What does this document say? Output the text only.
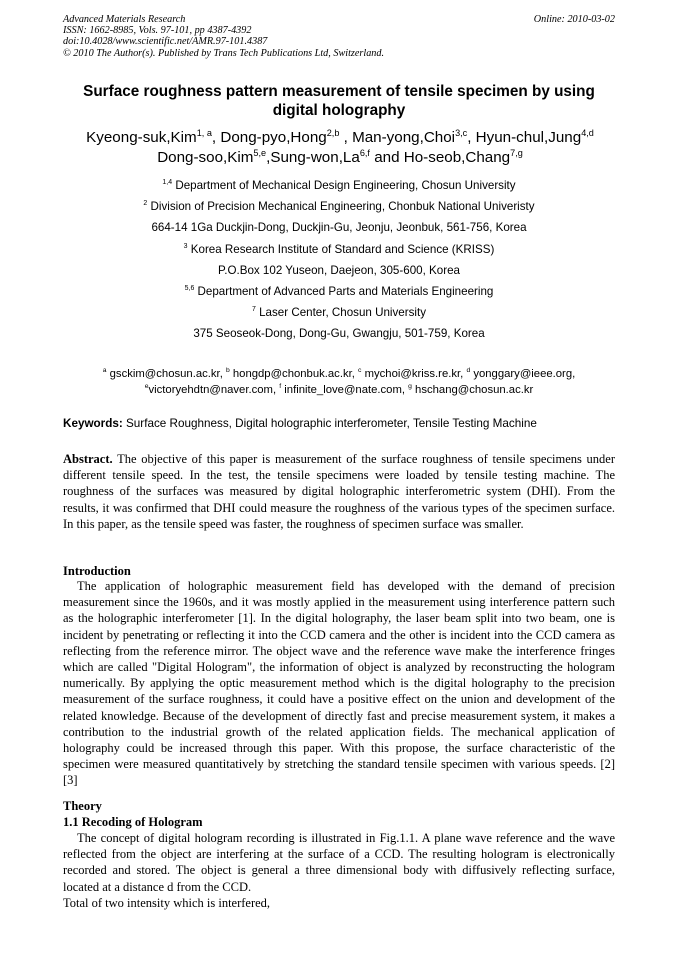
Advanced Materials Research
ISSN: 1662-8985, Vols. 97-101, pp 4387-4392
doi:10.4028/www.scientific.net/AMR.97-101.4387
© 2010 The Author(s). Published by Trans Tech Publications Ltd, Switzerland.
Online: 2010-03-02
Surface roughness pattern measurement of tensile specimen by using
digital holography
Kyeong-suk,Kim$^{1, a}$, Dong-pyo,Hong$^{2,b}$ , Man-yong,Choi$^{3,c}$, Hyun-chul,Jung$^{4,d}$
Dong-soo,Kim$^{5,e}$,Sung-won,La$^{6,f}$ and Ho-seob,Chang$^{7,g}$
$^{1,4}$ Department of Mechanical Design Engineering, Chosun University
$^2$ Division of Precision Mechanical Engineering, Chonbuk National Univeristy
664-14 1Ga Duckjin-Dong, Duckjin-Gu, Jeonju, Jeonbuk, 561-756, Korea
$^3$ Korea Research Institute of Standard and Science (KRISS)
P.O.Box 102 Yuseon, Daejeon, 305-600, Korea
$^{5,6}$ Department of Advanced Parts and Materials Engineering
$^7$ Laser Center, Chosun University
375 Seoseok-Dong, Dong-Gu, Gwangju, 501-759, Korea
$^a$ gsckim@chosun.ac.kr, $^b$ hongdp@chonbuk.ac.kr, $^c$ mychoi@kriss.re.kr, $^d$ yonggary@ieee.org,
$^e$victoryehdtn@naver.com, $^f$ infinite_love@nate.com, $^g$ hschang@chosun.ac.kr
Keywords: Surface Roughness, Digital holographic interferometer, Tensile Testing Machine
Abstract. The objective of this paper is measurement of the surface roughness of tensile specimens under different tensile speed. In the test, the tensile specimens were loaded by tensile testing machine. The roughness of the surfaces was measured by digital holographic interferometric system (DHI). From the results, it was confirmed that DHI could measure the roughness of the various types of the specimen surface. In this paper, as the tensile speed was faster, the roughness of specimen surface was smaller.
Introduction
The application of holographic measurement field has developed with the demand of precision measurement since the 1960s, and it was mostly applied in the measurement using interference pattern such as the holographic interferometer [1]. In the digital holography, the laser beam split into two beam, one is incident by penetrating or reflecting it into the CCD camera and the other is incident into the CCD camera as reflecting from the reference mirror. The object wave and the reference wave make the interference fringes which are called "Digital Hologram", the information of object is analyzed by reconstructing the hologram numerically. By applying the optic measurement method which is the digital holography to the precision measurement of the surface roughness, it could have a positive effect on the union and development of the related knowledge. Because of the development of directly fast and precise measurement system, it makes a contribution to the industrial growth of the related application fields. The mechanical application of holography could be increased through this paper. With this propose, the surface characteristic of the specimen were measured quantitatively by stretching the standard tensile specimen with various speeds. [2][3]
Theory
1.1 Recoding of Hologram
The concept of digital hologram recording is illustrated in Fig.1.1. A plane wave reference and the wave reflected from the object are interfering at the surface of a CCD. The resulting hologram is electronically recorded and stored. The object is general a three dimensional body with diffusively reflecting surface, located at a distance d from the CCD.
Total of two intensity which is interfered,
